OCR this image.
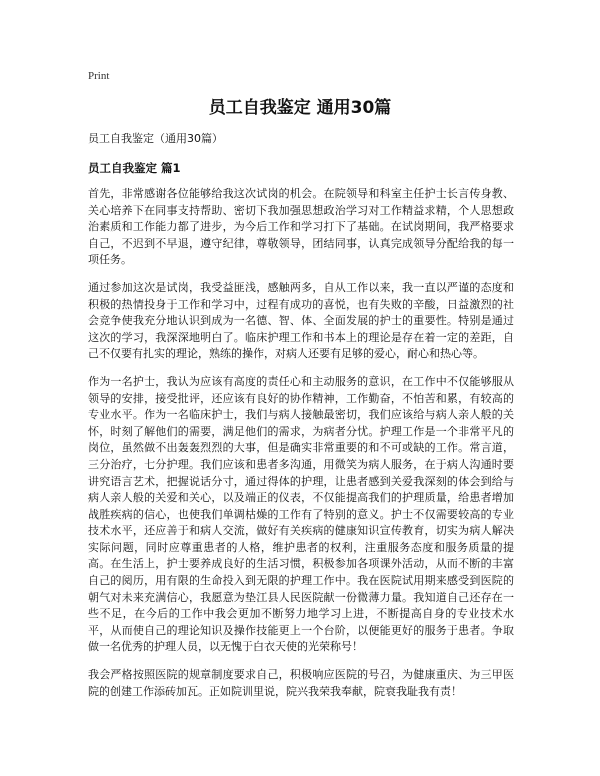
Print
员工自我鉴定 通用30篇
员工自我鉴定（通用30篇）
员工自我鉴定 篇1

首先，非常感谢各位能够给我这次试岗的机会。在院领导和科室主任护士长言传身教、关心培养下在同事支持帮助、密切下我加强思想政治学习对工作精益求精，个人思想政治素质和工作能力都了进步，为今后工作和学习打下了基础。在试岗期间，我严格要求自己，不迟到不早退，遵守纪律，尊敬领导，团结同事，认真完成领导分配给我的每一项任务。

通过参加这次是试岗，我受益匪浅，感触两多，自从工作以来，我一直以严谨的态度和积极的热情投身于工作和学习中，过程有成功的喜悦，也有失败的辛酸，日益激烈的社会竞争使我充分地认识到成为一名德、智、体、全面发展的护士的重要性。特别是通过这次的学习，我深深地明白了。临床护理工作和书本上的理论是存在着一定的差距，自己不仅要有扎实的理论，熟练的操作，对病人还要有足够的爱心，耐心和热心等。

作为一名护士，我认为应该有高度的责任心和主动服务的意识，在工作中不仅能够服从领导的安排，接受批评，还应该有良好的协作精神，工作勤奋，不怕苦和累，有较高的专业水平。作为一名临床护士，我们与病人接触最密切，我们应该给与病人亲人般的关怀，时刻了解他们的需要，满足他们的需求，为病者分忧。护理工作是一个非常平凡的岗位，虽然做不出轰轰烈烈的大事，但是确实非常重要的和不可或缺的工作。常言道，三分治疗，七分护理。我们应该和患者多沟通，用微笑为病人服务，在于病人沟通时要讲究语言艺术，把握说话分寸，通过得体的护理，让患者感到关爱我深刻的体会到给与病人亲人般的关爱和关心，以及端正的仪表，不仅能提高我们的护理质量，给患者增加战胜疾病的信心，也使我们单调枯燥的工作有了特别的意义。护士不仅需要较高的专业技术水平，还应善于和病人交流，做好有关疾病的健康知识宣传教育，切实为病人解决实际问题，同时应尊重患者的人格，维护患者的权利，注重服务态度和服务质量的提高。在生活上，护士要养成良好的生活习惯，积极参加各项课外活动，从而不断的丰富自己的阅历，用有限的生命投入到无限的护理工作中。我在医院试用期来感受到医院的朝气对未来充满信心，我愿意为垫江县人民医院献一份微薄力量。我知道自己还存在一些不足，在今后的工作中我会更加不断努力地学习上进，不断提高自身的专业技术水平，从而使自己的理论知识及操作技能更上一个台阶，以便能更好的服务于患者。争取做一名优秀的护理人员，以无愧于白衣天使的光荣称号！

我会严格按照医院的规章制度要求自己，积极响应医院的号召，为健康重庆、为三甲医院的创建工作添砖加瓦。正如院训里说，院兴我荣我奉献，院衰我耻我有责！
